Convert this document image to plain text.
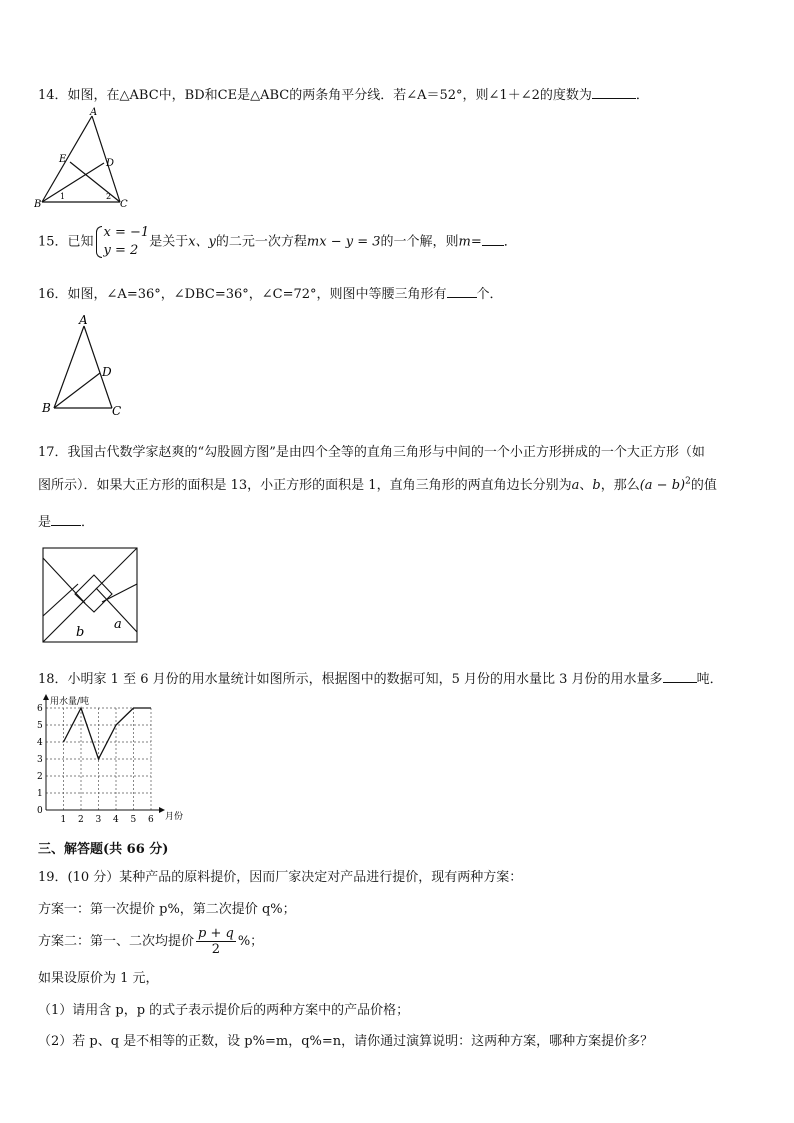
14．如图，在△ABC中，BD和CE是△ABC的两条角平分线．若∠A＝52°，则∠1＋∠2的度数为	．
A
B	C
D
E
1	2
15．已知
x = −1
y = 2
是关于x、y的二元一次方程mx − y = 3的一个解，则m= ．
16．如图，∠A=36°，∠DBC=36°，∠C=72°，则图中等腰三角形有 个．
A
B	C
D
17．我国古代数学家赵爽的“勾股圆方图”是由四个全等的直角三角形与中间的一个小正方形拼成的一个大正方形（如
图所示）．如果大正方形的面积是 13，小正方形的面积是 1，直角三角形的两直角边长分别为a、b，那么$(a - b)^2$的值
是 ．
b
a
18．小明家 1 至 6 月份的用水量统计如图所示，根据图中的数据可知，5 月份的用水量比 3 月份的用水量多	吨．
0
1
2
3
4
5
6
1 2 3 4 5 6
用水量/吨
月份
三、解答题(共 66 分)
19．(10 分）某种产品的原料提价，因而厂家决定对产品进行提价，现有两种方案：
方案一：第一次提价 p%，第二次提价 q%；
方案二：第一、二次均提价 $\frac{p + q}{2}$ %；
如果设原价为 1 元，
（1）请用含 p，p 的式子表示提价后的两种方案中的产品价格；
（2）若 p、q 是不相等的正数，设 p%=m，q%=n，请你通过演算说明：这两种方案，哪种方案提价多？
